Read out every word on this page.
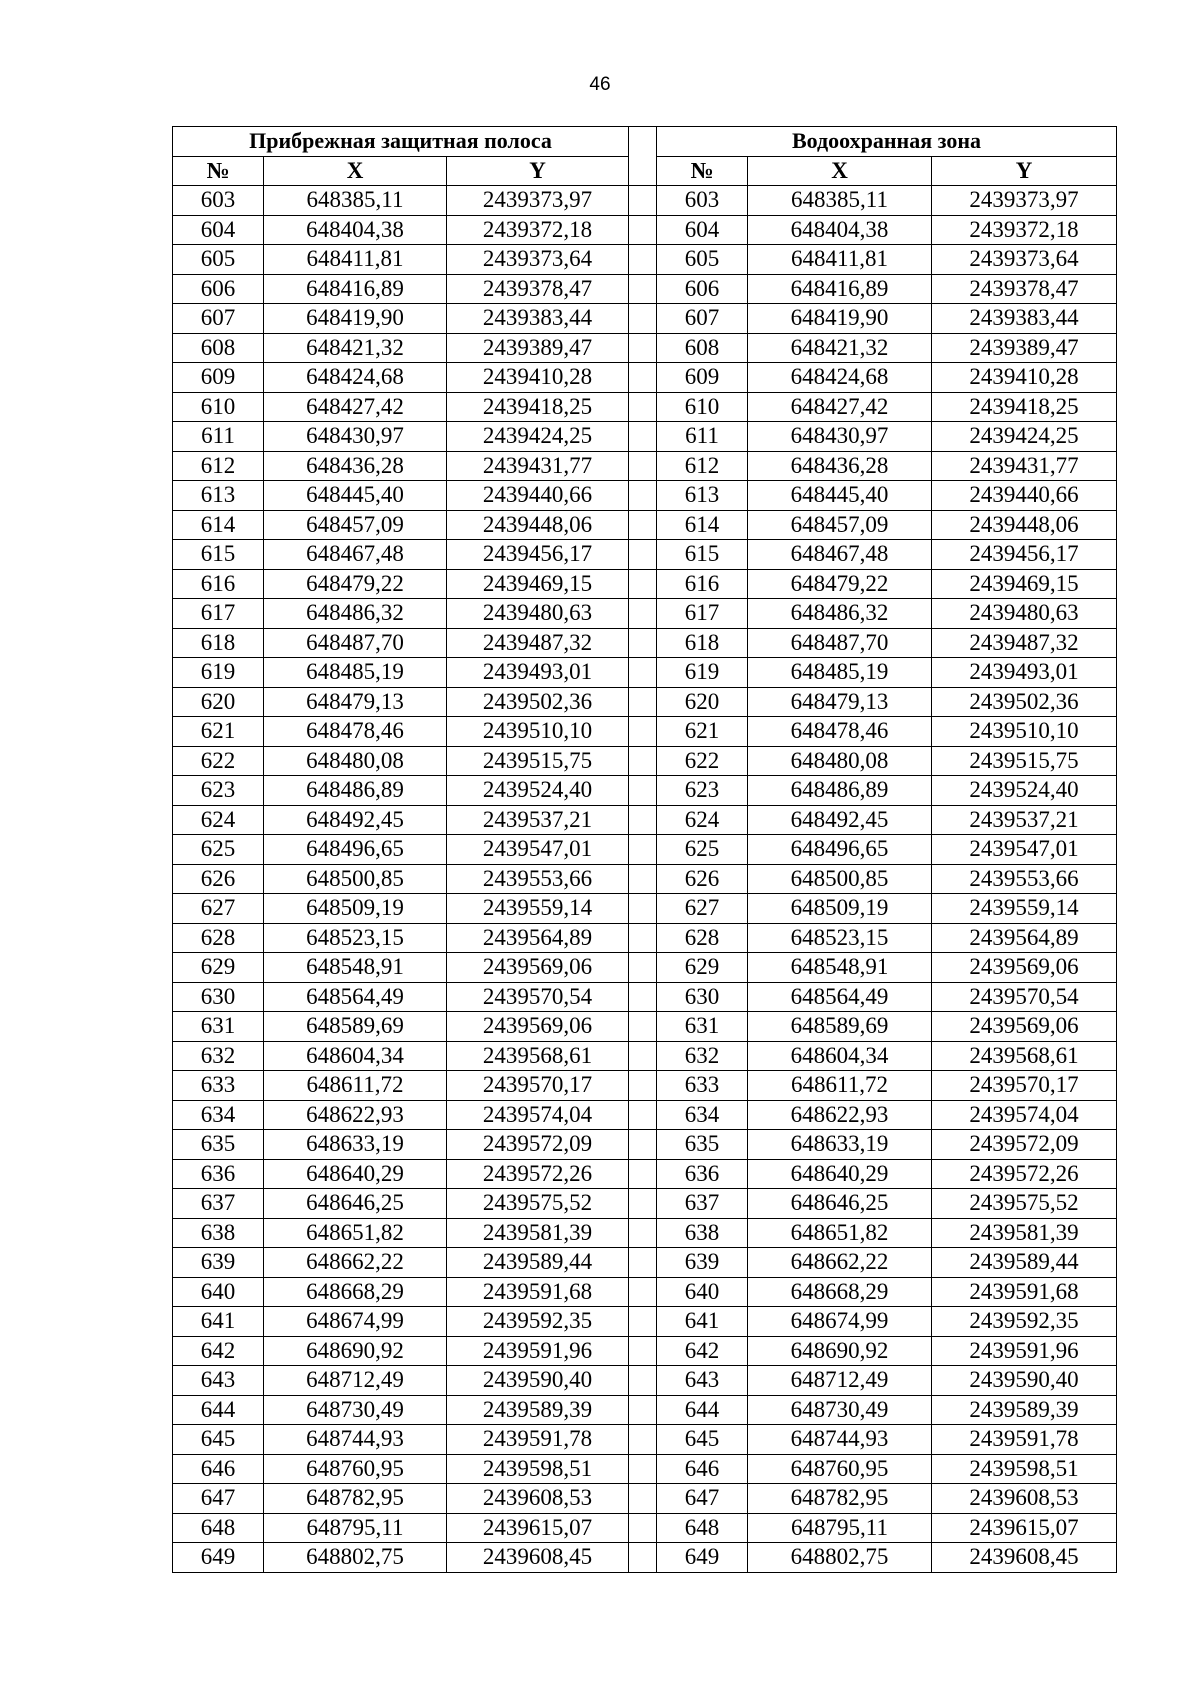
46
Прибрежная защитная полоса				Водоохранная зона		
№	X	Y		№	X	Y
603	648385,11	2439373,97		603	648385,11	2439373,97
604	648404,38	2439372,18		604	648404,38	2439372,18
605	648411,81	2439373,64		605	648411,81	2439373,64
606	648416,89	2439378,47		606	648416,89	2439378,47
607	648419,90	2439383,44		607	648419,90	2439383,44
608	648421,32	2439389,47		608	648421,32	2439389,47
609	648424,68	2439410,28		609	648424,68	2439410,28
610	648427,42	2439418,25		610	648427,42	2439418,25
611	648430,97	2439424,25		611	648430,97	2439424,25
612	648436,28	2439431,77		612	648436,28	2439431,77
613	648445,40	2439440,66		613	648445,40	2439440,66
614	648457,09	2439448,06		614	648457,09	2439448,06
615	648467,48	2439456,17		615	648467,48	2439456,17
616	648479,22	2439469,15		616	648479,22	2439469,15
617	648486,32	2439480,63		617	648486,32	2439480,63
618	648487,70	2439487,32		618	648487,70	2439487,32
619	648485,19	2439493,01		619	648485,19	2439493,01
620	648479,13	2439502,36		620	648479,13	2439502,36
621	648478,46	2439510,10		621	648478,46	2439510,10
622	648480,08	2439515,75		622	648480,08	2439515,75
623	648486,89	2439524,40		623	648486,89	2439524,40
624	648492,45	2439537,21		624	648492,45	2439537,21
625	648496,65	2439547,01		625	648496,65	2439547,01
626	648500,85	2439553,66		626	648500,85	2439553,66
627	648509,19	2439559,14		627	648509,19	2439559,14
628	648523,15	2439564,89		628	648523,15	2439564,89
629	648548,91	2439569,06		629	648548,91	2439569,06
630	648564,49	2439570,54		630	648564,49	2439570,54
631	648589,69	2439569,06		631	648589,69	2439569,06
632	648604,34	2439568,61		632	648604,34	2439568,61
633	648611,72	2439570,17		633	648611,72	2439570,17
634	648622,93	2439574,04		634	648622,93	2439574,04
635	648633,19	2439572,09		635	648633,19	2439572,09
636	648640,29	2439572,26		636	648640,29	2439572,26
637	648646,25	2439575,52		637	648646,25	2439575,52
638	648651,82	2439581,39		638	648651,82	2439581,39
639	648662,22	2439589,44		639	648662,22	2439589,44
640	648668,29	2439591,68		640	648668,29	2439591,68
641	648674,99	2439592,35		641	648674,99	2439592,35
642	648690,92	2439591,96		642	648690,92	2439591,96
643	648712,49	2439590,40		643	648712,49	2439590,40
644	648730,49	2439589,39		644	648730,49	2439589,39
645	648744,93	2439591,78		645	648744,93	2439591,78
646	648760,95	2439598,51		646	648760,95	2439598,51
647	648782,95	2439608,53		647	648782,95	2439608,53
648	648795,11	2439615,07		648	648795,11	2439615,07
649	648802,75	2439608,45		649	648802,75	2439608,45
